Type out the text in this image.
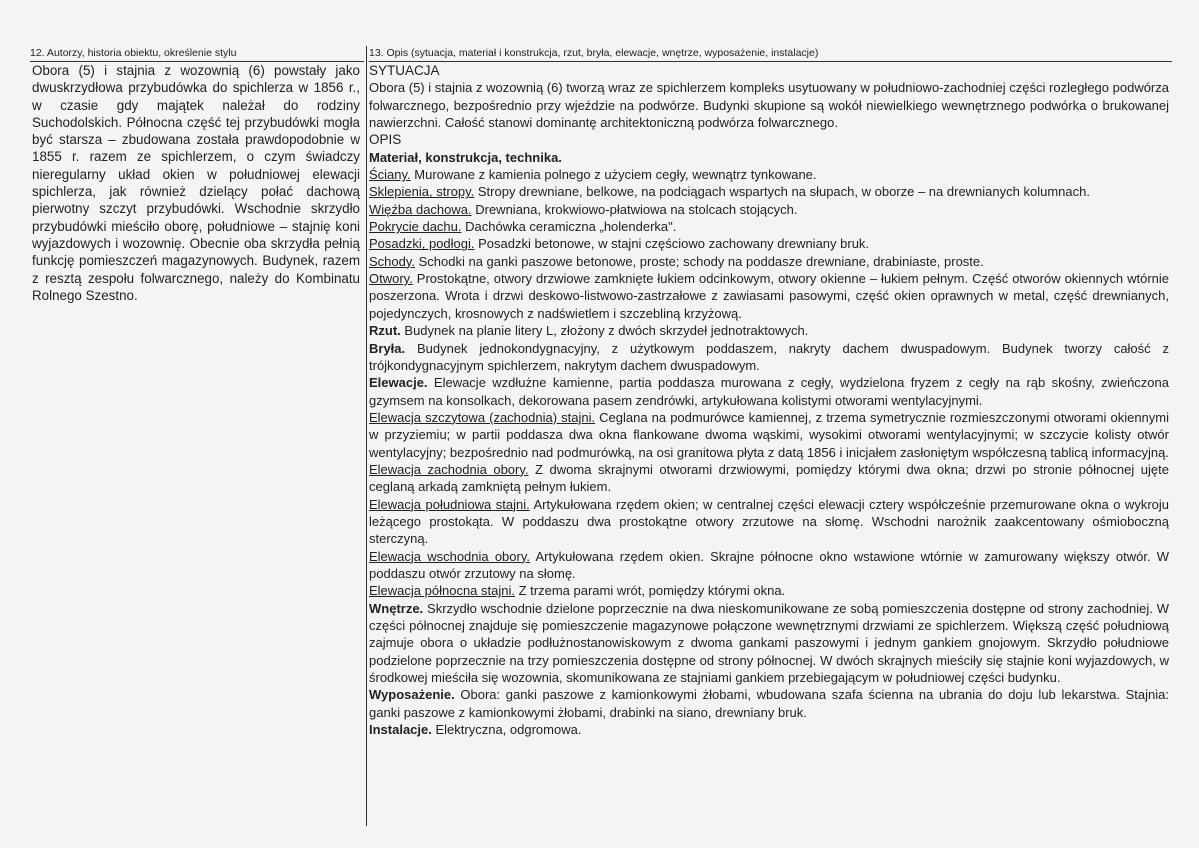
12. Autorzy, historia obiektu, określenie stylu	13. Opis (sytuacja, materiał i konstrukcja, rzut, bryła, elewacje, wnętrze, wyposażenie, instalacje)

Obora (5) i stajnia z wozownią (6) powstały jako dwuskrzydłowa przybudówka do spichlerza w 1856 r., w czasie gdy majątek należał do rodziny Suchodolskich. Północna część tej przybudówki mogła być starsza – zbudowana została prawdopodobnie w 1855 r. razem ze spichlerzem, o czym świadczy nieregularny układ okien w południowej elewacji spichlerza, jak również dzielący połać dachową pierwotny szczyt przybudówki. Wschodnie skrzydło przybudówki mieściło oborę, południowe – stajnię koni wyjazdowych i wozownię. Obecnie oba skrzydła pełnią funkcję pomieszczeń magazynowych. Budynek, razem z resztą zespołu folwarcznego, należy do Kombinatu Rolnego Szestno.

SYTUACJA

Obora (5) i stajnia z wozownią (6) tworzą wraz ze spichlerzem kompleks usytuowany w południowo-zachodniej części rozległego podwórza folwarcznego, bezpośrednio przy wjeździe na podwórze. Budynki skupione są wokół niewielkiego wewnętrznego podwórka o brukowanej nawierzchni. Całość stanowi dominantę architektoniczną podwórza folwarcznego.

OPIS

Materiał, konstrukcja, technika.

Ściany. Murowane z kamienia polnego z użyciem cegły, wewnątrz tynkowane.

Sklepienia, stropy. Stropy drewniane, belkowe, na podciągach wspartych na słupach, w oborze – na drewnianych kolumnach.

Więźba dachowa. Drewniana, krokwiowo-płatwiowa na stolcach stojących.

Pokrycie dachu. Dachówka ceramiczna „holenderka".

Posadzki, podłogi. Posadzki betonowe, w stajni częściowo zachowany drewniany bruk.

Schody. Schodki na ganki paszowe betonowe, proste; schody na poddasze drewniane, drabiniaste, proste.

Otwory. Prostokątne, otwory drzwiowe zamknięte łukiem odcinkowym, otwory okienne – łukiem pełnym. Część otworów okiennych wtórnie poszerzona. Wrota i drzwi deskowo-listwowo-zastrzałowe z zawiasami pasowymi, część okien oprawnych w metal, część drewnianych, pojedynczych, krosnowych z nadświetlem i szczebliną krzyżową.

Rzut. Budynek na planie litery L, złożony z dwóch skrzydeł jednotraktowych.

Bryła. Budynek jednokondygnacyjny, z użytkowym poddaszem, nakryty dachem dwuspadowym. Budynek tworzy całość z trójkondygnacyjnym spichlerzem, nakrytym dachem dwuspadowym.

Elewacje. Elewacje wzdłużne kamienne, partia poddasza murowana z cegły, wydzielona fryzem z cegły na rąb skośny, zwieńczona gzymsem na konsolkach, dekorowana pasem zendrówki, artykułowana kolistymi otworami wentylacyjnymi.

Elewacja szczytowa (zachodnia) stajni. Ceglana na podmurówce kamiennej, z trzema symetrycznie rozmieszczonymi otworami okiennymi w przyziemiu; w partii poddasza dwa okna flankowane dwoma wąskimi, wysokimi otworami wentylacyjnymi; w szczycie kolisty otwór wentylacyjny; bezpośrednio nad podmurówką, na osi granitowa płyta z datą 1856 i inicjałem zasłoniętym współczesną tablicą informacyjną.

Elewacja zachodnia obory. Z dwoma skrajnymi otworami drzwiowymi, pomiędzy którymi dwa okna; drzwi po stronie północnej ujęte ceglaną arkadą zamkniętą pełnym łukiem.

Elewacja południowa stajni. Artykułowana rzędem okien; w centralnej części elewacji cztery współcześnie przemurowane okna o wykroju leżącego prostokąta. W poddaszu dwa prostokątne otwory zrzutowe na słomę. Wschodni narożnik zaakcentowany ośmioboczną sterczyną.

Elewacja wschodnia obory. Artykułowana rzędem okien. Skrajne północne okno wstawione wtórnie w zamurowany większy otwór. W poddaszu otwór zrzutowy na słomę.

Elewacja północna stajni. Z trzema parami wrót, pomiędzy którymi okna.

Wnętrze. Skrzydło wschodnie dzielone poprzecznie na dwa nieskomunikowane ze sobą pomieszczenia dostępne od strony zachodniej. W części północnej znajduje się pomieszczenie magazynowe połączone wewnętrznymi drzwiami ze spichlerzem. Większą część południową zajmuje obora o układzie podłużnostanowiskowym z dwoma gankami paszowymi i jednym gankiem gnojowym. Skrzydło południowe podzielone poprzecznie na trzy pomieszczenia dostępne od strony północnej. W dwóch skrajnych mieściły się stajnie koni wyjazdowych, w środkowej mieściła się wozownia, skomunikowana ze stajniami gankiem przebiegającym w południowej części budynku.

Wyposażenie. Obora: ganki paszowe z kamionkowymi żłobami, wbudowana szafa ścienna na ubrania do doju lub lekarstwa. Stajnia: ganki paszowe z kamionkowymi żłobami, drabinki na siano, drewniany bruk.

Instalacje. Elektryczna, odgromowa.
